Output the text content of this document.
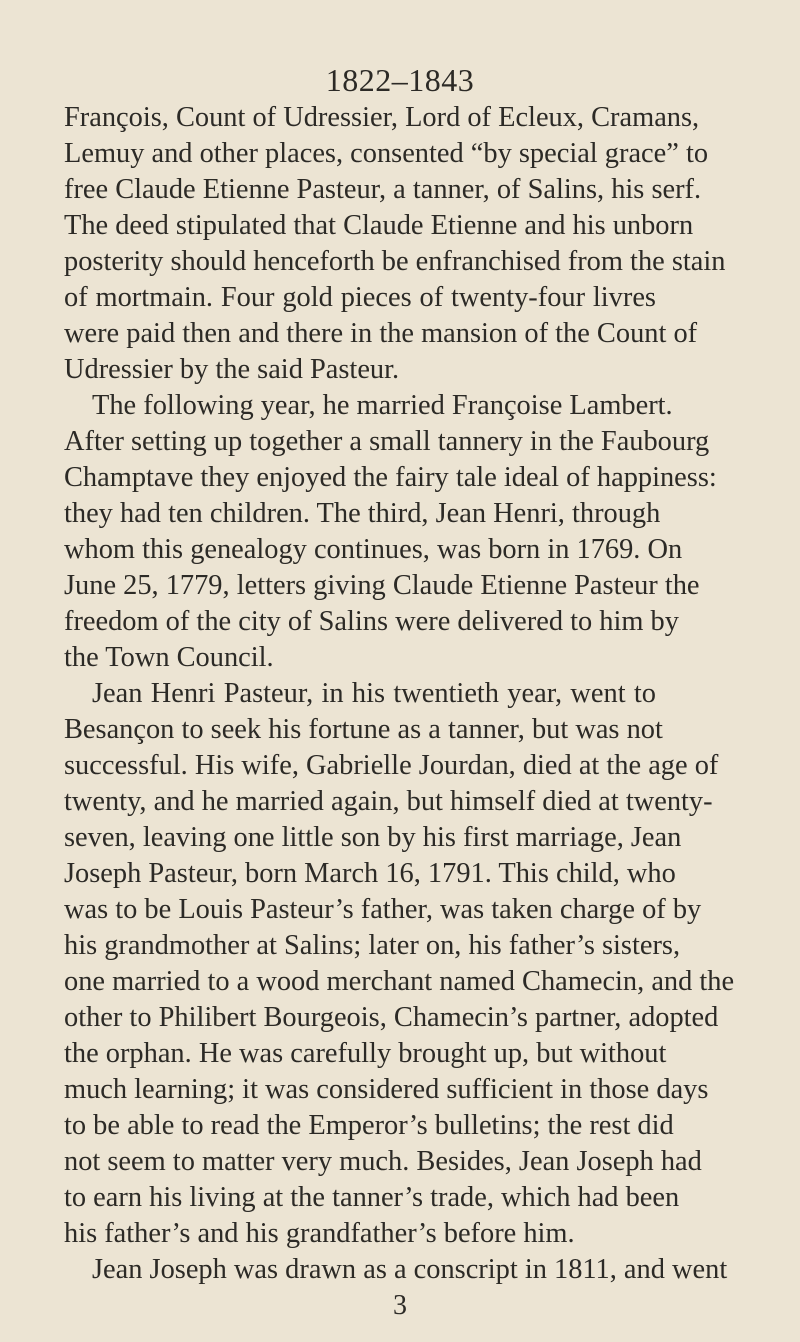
1822–1843
François, Count of Udressier, Lord of Ecleux, Cramans,
Lemuy and other places, consented “by special grace” to
free Claude Etienne Pasteur, a tanner, of Salins, his serf.
The deed stipulated that Claude Etienne and his unborn
posterity should henceforth be enfranchised from the stain
of mortmain. Four gold pieces of twenty-four livres
were paid then and there in the mansion of the Count of
Udressier by the said Pasteur.
The following year, he married Françoise Lambert.
After setting up together a small tannery in the Faubourg
Champtave they enjoyed the fairy tale ideal of happiness:
they had ten children. The third, Jean Henri, through
whom this genealogy continues, was born in 1769. On
June 25, 1779, letters giving Claude Etienne Pasteur the
freedom of the city of Salins were delivered to him by
the Town Council.
Jean Henri Pasteur, in his twentieth year, went to
Besançon to seek his fortune as a tanner, but was not
successful. His wife, Gabrielle Jourdan, died at the age of
twenty, and he married again, but himself died at twenty-
seven, leaving one little son by his first marriage, Jean
Joseph Pasteur, born March 16, 1791. This child, who
was to be Louis Pasteur’s father, was taken charge of by
his grandmother at Salins; later on, his father’s sisters,
one married to a wood merchant named Chamecin, and the
other to Philibert Bourgeois, Chamecin’s partner, adopted
the orphan. He was carefully brought up, but without
much learning; it was considered sufficient in those days
to be able to read the Emperor’s bulletins; the rest did
not seem to matter very much. Besides, Jean Joseph had
to earn his living at the tanner’s trade, which had been
his father’s and his grandfather’s before him.
Jean Joseph was drawn as a conscript in 1811, and went
3
